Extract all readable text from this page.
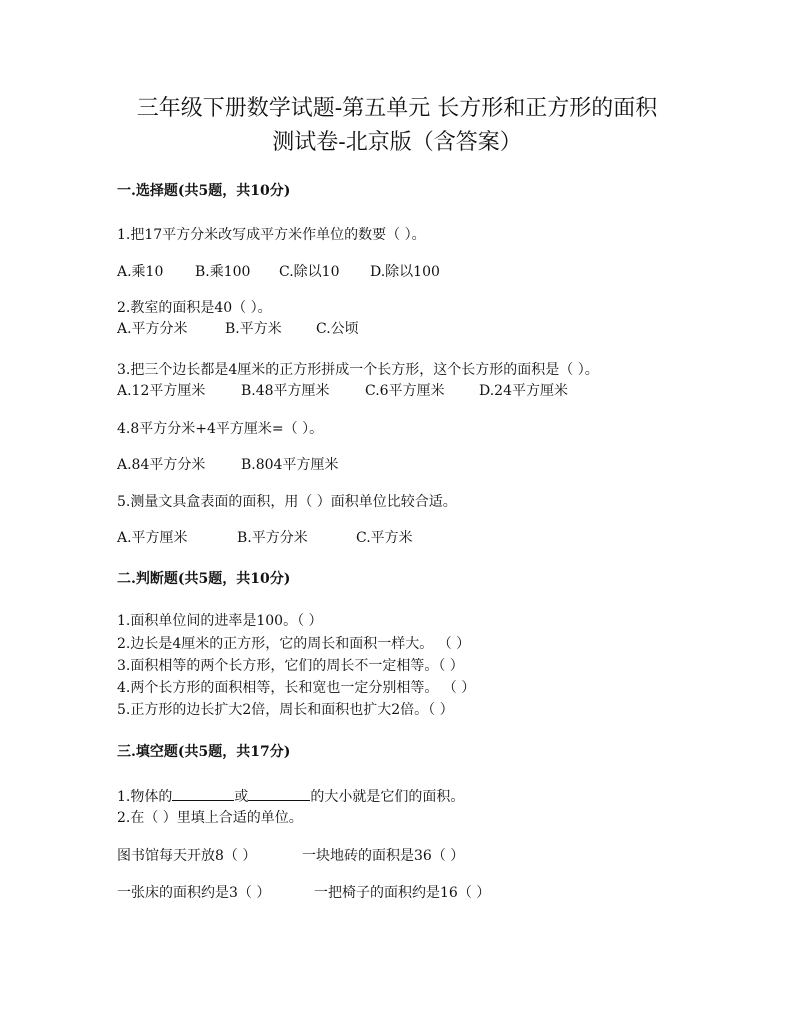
三年级下册数学试题-第五单元 长方形和正方形的面积
测试卷-北京版（含答案）
一.选择题(共5题，共10分)
1.把17平方分米改写成平方米作单位的数要（ ）。
A.乘10 B.乘100 C.除以10 D.除以100
2.教室的面积是40（ ）。
A.平方分米	B.平方米 C.公顷
3.把三个边长都是4厘米的正方形拼成一个长方形，这个长方形的面积是（ ）。
A.12平方厘米	B.48平方厘米	C.6平方厘米 D.24平方厘米
4.8平方分米+4平方厘米=（ ）。
A.84平方分米	B.804平方厘米
5.测量文具盒表面的面积，用（ ）面积单位比较合适。
A.平方厘米	B.平方分米	C.平方米
二.判断题(共5题，共10分)
1.面积单位间的进率是100。（ ）
2.边长是4厘米的正方形，它的周长和面积一样大。 （ ）
3.面积相等的两个长方形，它们的周长不一定相等。（ ）
4.两个长方形的面积相等，长和宽也一定分别相等。 （ ）
5.正方形的边长扩大2倍，周长和面积也扩大2倍。（ ）
三.填空题(共5题，共17分)
1.物体的	或	的大小就是它们的面积。
2.在（ ）里填上合适的单位。
图书馆每天开放8（ ）	一块地砖的面积是36（ ）
一张床的面积约是3（ ）	一把椅子的面积约是16（ ）
